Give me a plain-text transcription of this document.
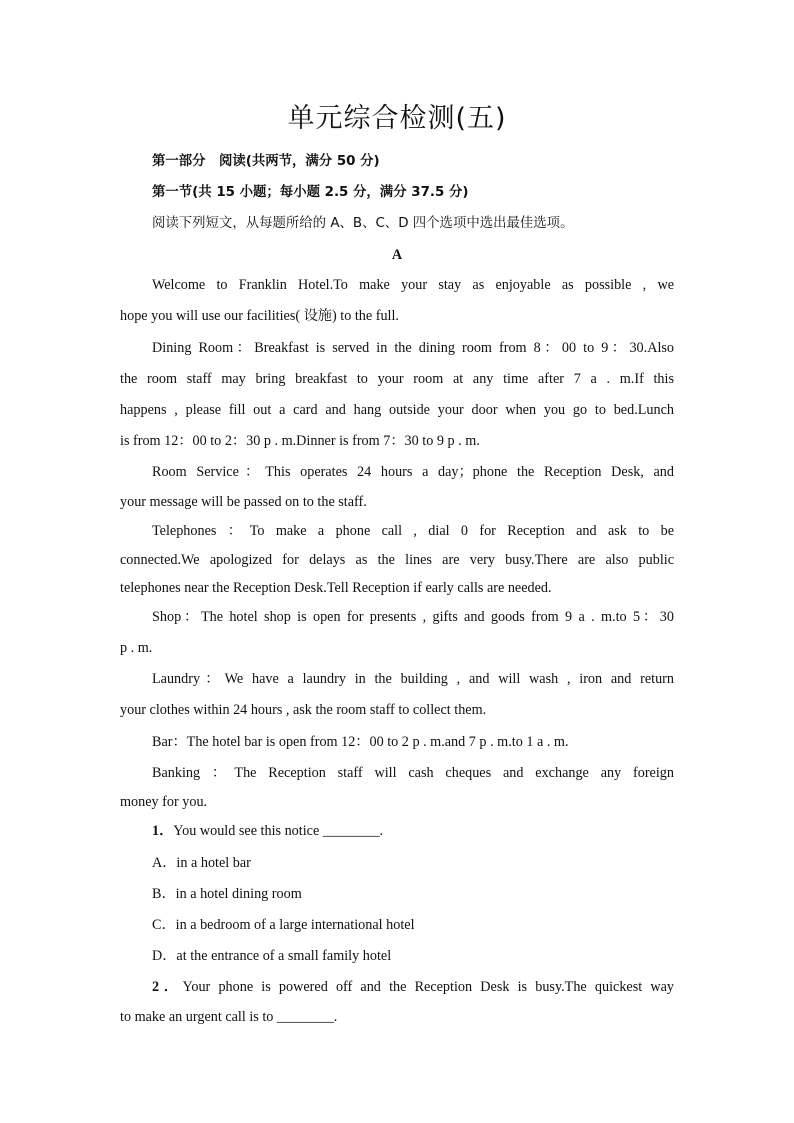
单元综合检测(五)
第一部分　阅读(共两节，满分 50 分)
第一节(共 15 小题；每小题 2.5 分，满分 37.5 分)
阅读下列短文，从每题所给的 A、B、C、D 四个选项中选出最佳选项。
A
Welcome to Franklin Hotel.To make your stay as enjoyable as possible , we
hope you will use our facilities( 设施) to the full.
Dining Room：Breakfast is served in the dining room from 8：00 to 9：30.Also
the room staff may bring breakfast to your room at any time after 7 a . m.If this
happens , please fill out a card and hang outside your door when you go to bed.Lunch
is from 12：00 to 2：30 p . m.Dinner is from 7：30 to 9 p . m.
Room Service：This operates 24 hours a day；phone the Reception Desk, and
your message will be passed on to the staff.
Telephones ：To make a phone call , dial 0 for Reception and ask to be
connected.We apologized for delays as the lines are very busy.There are also public
telephones near the Reception Desk.Tell Reception if early calls are needed.
Shop：The hotel shop is open for presents , gifts and goods from 9 a . m.to 5：30
p . m.
Laundry：We have a laundry in the building , and will wash , iron and return
your clothes within 24 hours , ask the room staff to collect them.
Bar：The hotel bar is open from 12：00 to 2 p . m.and 7 p . m.to 1 a . m.
Banking ：The Reception staff will cash cheques and exchange any foreign
money for you.
1．You would see this notice ________.
A．in a hotel bar
B．in a hotel dining room
C．in a bedroom of a large international hotel
D．at the entrance of a small family hotel
2．Your phone is powered off and the Reception Desk is busy.The quickest way
to make an urgent call is to ________.
